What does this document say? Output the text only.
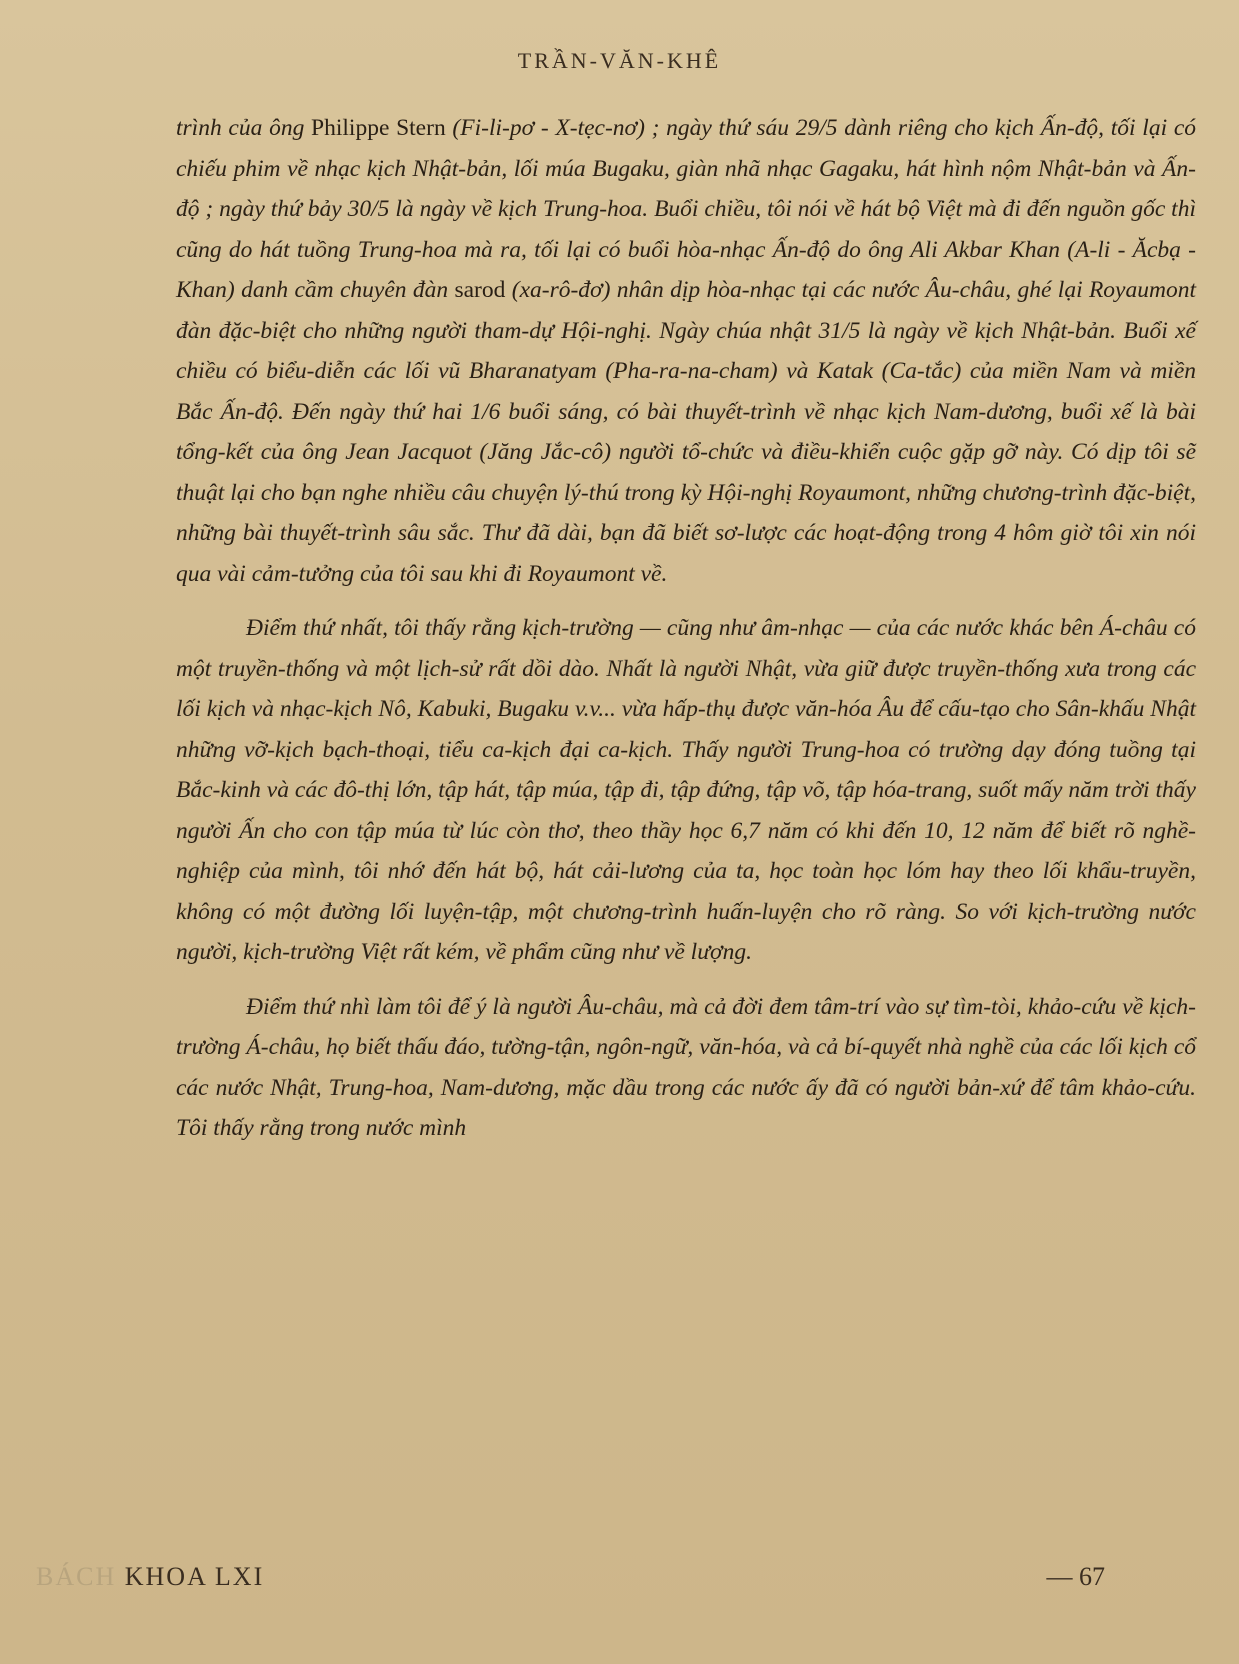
TRẦN-VĂN-KHÊ

trình của ông Philippe Stern (Fi-li-pơ - X-tẹc-nơ) ; ngày thứ sáu 29/5 dành riêng cho kịch Ấn-độ, tối lại có chiếu phim về nhạc kịch Nhật-bản, lối múa Bugaku, giàn nhã nhạc Gagaku, hát hình nộm Nhật-bản và Ấn-độ ; ngày thứ bảy 30/5 là ngày về kịch Trung-hoa. Buổi chiều, tôi nói về hát bộ Việt mà đi đến nguồn gốc thì cũng do hát tuồng Trung-hoa mà ra, tối lại có buổi hòa-nhạc Ấn-độ do ông Ali Akbar Khan (A-li - Ăcbạ - Khan) danh cầm chuyên đàn sarod (xa-rô-đơ) nhân dịp hòa-nhạc tại các nước Âu-châu, ghé lại Royaumont đàn đặc-biệt cho những người tham-dự Hội-nghị. Ngày chúa nhật 31/5 là ngày về kịch Nhật-bản. Buổi xế chiều có biểu-diễn các lối vũ Bharanatyam (Pha-ra-na-cham) và Katak (Ca-tắc) của miền Nam và miền Bắc Ấn-độ. Đến ngày thứ hai 1/6 buổi sáng, có bài thuyết-trình về nhạc kịch Nam-dương, buổi xế là bài tổng-kết của ông Jean Jacquot (Jăng Jắc-cô) người tổ-chức và điều-khiển cuộc gặp gỡ này. Có dịp tôi sẽ thuật lại cho bạn nghe nhiều câu chuyện lý-thú trong kỳ Hội-nghị Royaumont, những chương-trình đặc-biệt, những bài thuyết-trình sâu sắc. Thư đã dài, bạn đã biết sơ-lược các hoạt-động trong 4 hôm giờ tôi xin nói qua vài cảm-tưởng của tôi sau khi đi Royaumont về.

Điểm thứ nhất, tôi thấy rằng kịch-trường — cũng như âm-nhạc — của các nước khác bên Á-châu có một truyền-thống và một lịch-sử rất dồi dào. Nhất là người Nhật, vừa giữ được truyền-thống xưa trong các lối kịch và nhạc-kịch Nô, Kabuki, Bugaku v.v... vừa hấp-thụ được văn-hóa Âu để cấu-tạo cho Sân-khấu Nhật những vỡ-kịch bạch-thoại, tiểu ca-kịch đại ca-kịch. Thấy người Trung-hoa có trường dạy đóng tuồng tại Bắc-kinh và các đô-thị lớn, tập hát, tập múa, tập đi, tập đứng, tập võ, tập hóa-trang, suốt mấy năm trời thấy người Ấn cho con tập múa từ lúc còn thơ, theo thầy học 6,7 năm có khi đến 10, 12 năm để biết rõ nghề-nghiệp của mình, tôi nhớ đến hát bộ, hát cải-lương của ta, học toàn học lóm hay theo lối khẩu-truyền, không có một đường lối luyện-tập, một chương-trình huấn-luyện cho rõ ràng. So với kịch-trường nước người, kịch-trường Việt rất kém, về phẩm cũng như về lượng.

Điểm thứ nhì làm tôi để ý là người Âu-châu, mà cả đời đem tâm-trí vào sự tìm-tòi, khảo-cứu về kịch-trường Á-châu, họ biết thấu đáo, tường-tận, ngôn-ngữ, văn-hóa, và cả bí-quyết nhà nghề của các lối kịch cổ các nước Nhật, Trung-hoa, Nam-dương, mặc dầu trong các nước ấy đã có người bản-xứ để tâm khảo-cứu. Tôi thấy rằng trong nước mình

BÁCH KHOA LXI	— 67
